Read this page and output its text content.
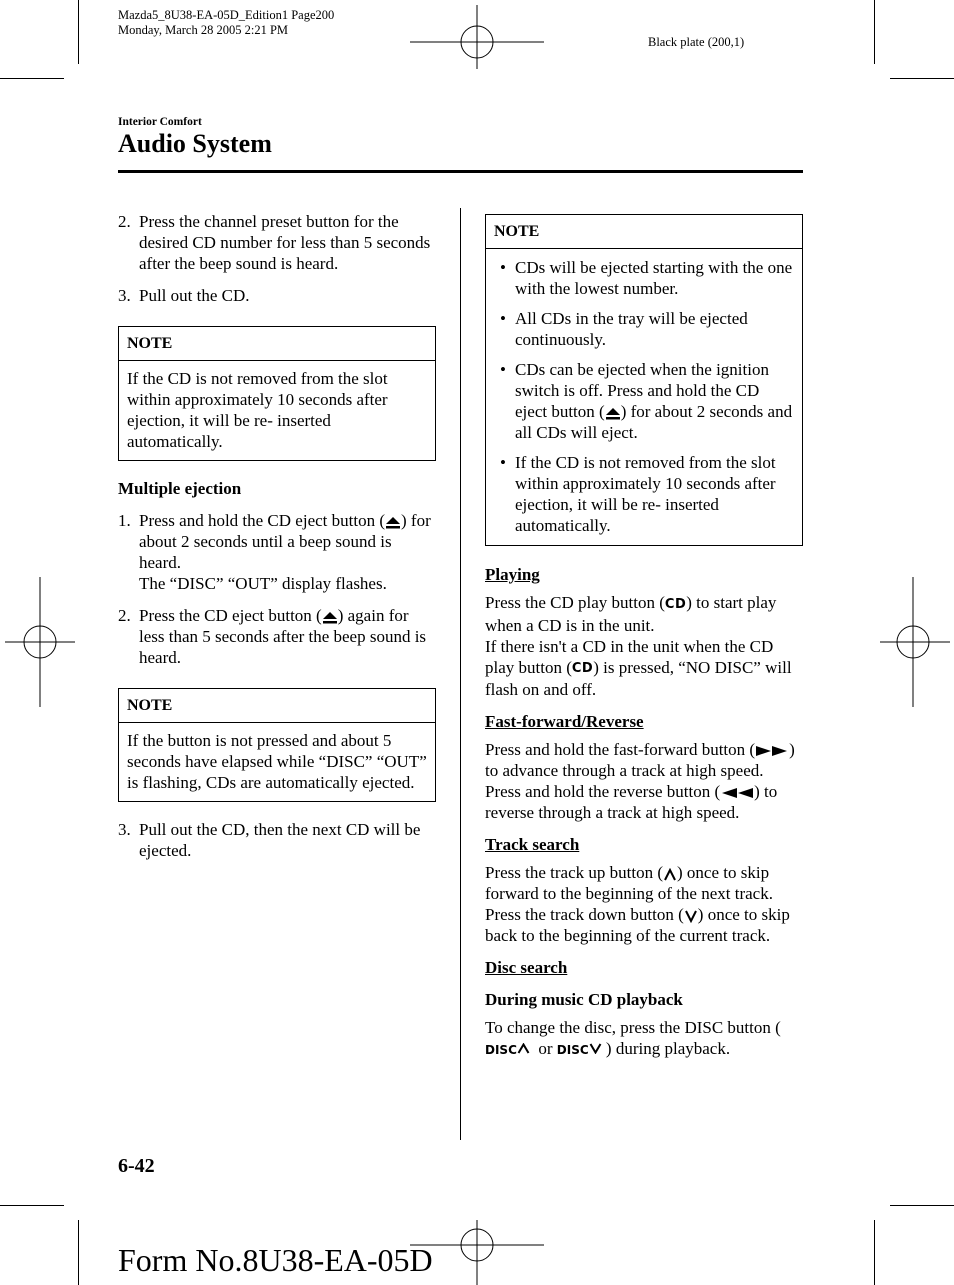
Mazda5_8U38-EA-05D_Edition1 Page200
Monday, March 28 2005 2:21 PM
Black plate (200,1)
Interior Comfort
Audio System
2. Press the channel preset button for the desired CD number for less than 5 seconds after the beep sound is heard.
3. Pull out the CD.
NOTE
If the CD is not removed from the slot within approximately 10 seconds after ejection, it will be re- inserted automatically.
Multiple ejection
1. Press and hold the CD eject button ( ) for about 2 seconds until a beep sound is heard.
The “DISC” “OUT” display flashes.
2. Press the CD eject button ( ) again for less than 5 seconds after the beep sound is heard.
NOTE
If the button is not pressed and about 5 seconds have elapsed while “DISC” “OUT” is flashing, CDs are automatically ejected.
3. Pull out the CD, then the next CD will be ejected.
NOTE
• CDs will be ejected starting with the one with the lowest number.
• All CDs in the tray will be ejected continuously.
• CDs can be ejected when the ignition switch is off. Press and hold the CD eject button ( ) for about 2 seconds and all CDs will eject.
• If the CD is not removed from the slot within approximately 10 seconds after ejection, it will be re- inserted automatically.
Playing
Press the CD play button (CD) to start play when a CD is in the unit.
If there isn't a CD in the unit when the CD play button (CD) is pressed, “NO DISC” will flash on and off.
Fast-forward/Reverse
Press and hold the fast-forward button ( ) to advance through a track at high speed.
Press and hold the reverse button ( ) to reverse through a track at high speed.
Track search
Press the track up button ( ) once to skip forward to the beginning of the next track.
Press the track down button ( ) once to skip back to the beginning of the current track.
Disc search
During music CD playback
To change the disc, press the DISC button (DISC or DISC ) during playback.
6-42
Form No.8U38-EA-05D
